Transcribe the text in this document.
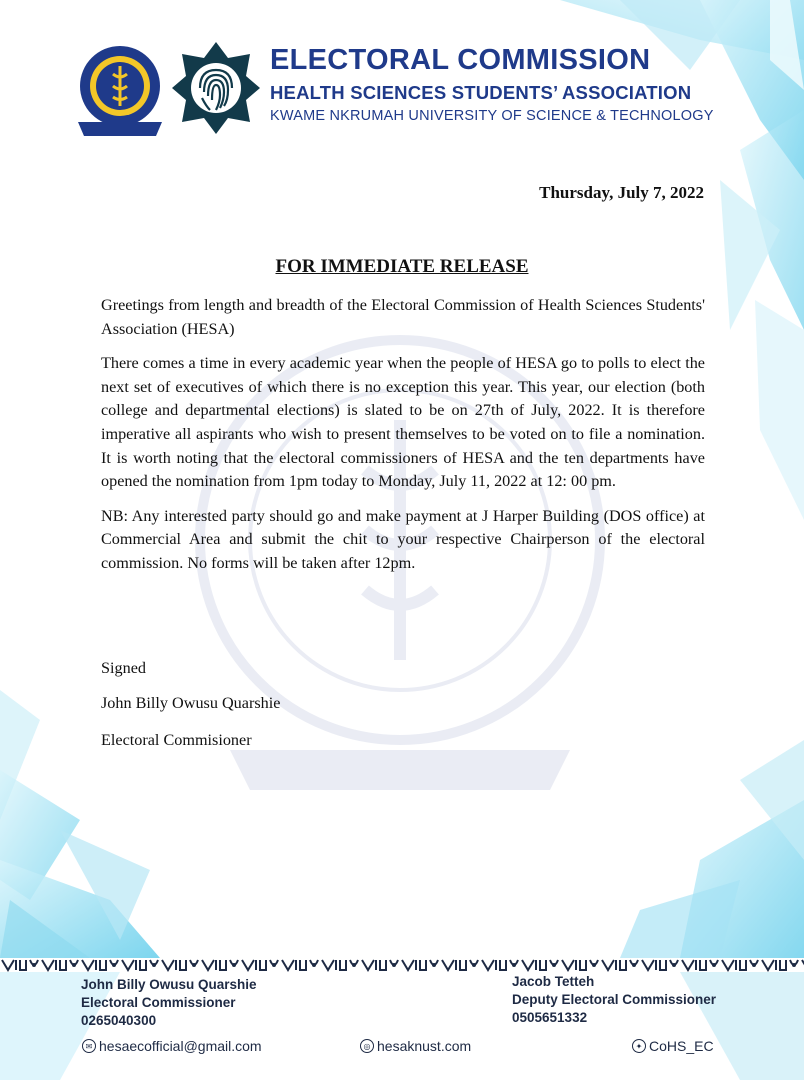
ELECTORAL COMMISSION
HEALTH SCIENCES STUDENTS’ ASSOCIATION
KWAME NKRUMAH UNIVERSITY OF SCIENCE & TECHNOLOGY
Thursday, July 7, 2022
FOR IMMEDIATE RELEASE

Greetings from length and breadth of the Electoral Commission of Health Sciences Students' Association (HESA)

There comes a time in every academic year when the people of HESA go to polls to elect the next set of executives of which there is no exception this year. This year, our election (both college and departmental elections) is slated to be on 27th of July, 2022. It is therefore imperative all aspirants who wish to present themselves to be voted on to file a nomination. It is worth noting that the electoral commissioners of HESA and the ten departments have opened the nomination from 1pm today to Monday, July 11, 2022 at 12: 00 pm.

NB: Any interested party should go and make payment at J Harper Building (DOS office) at Commercial Area and submit the chit to your respective Chairperson of the electoral commission. No forms will be taken after 12pm.

Signed
John Billy Owusu Quarshie
Electoral Commisioner
John Billy Owusu Quarshie
Electoral Commissioner
0265040300
Jacob Tetteh
Deputy Electoral Commissioner
0505651332
✉ hesaecofficial@gmail.com	◎ hesaknust.com	✦ CoHS_EC
